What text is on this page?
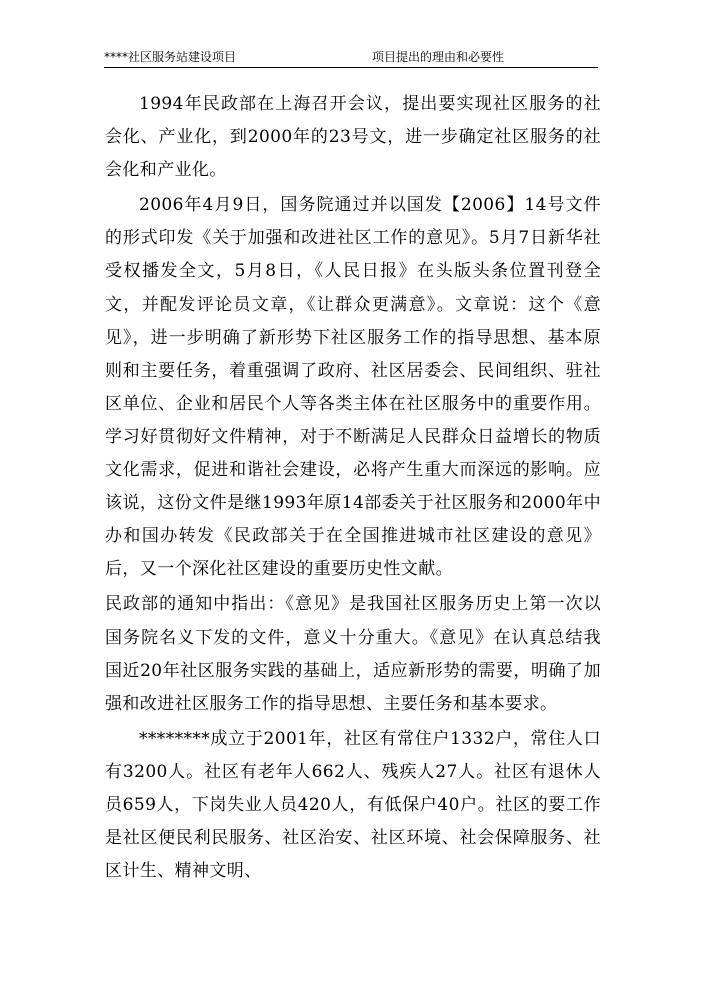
****社区服务站建设项目	项目提出的理由和必要性

1994年民政部在上海召开会议，提出要实现社区服务的社会化、产业化，到2000年的23号文，进一步确定社区服务的社会化和产业化。

2006年4月9日，国务院通过并以国发【2006】14号文件的形式印发《关于加强和改进社区工作的意见》。5月7日新华社受权播发全文，5月8日，《人民日报》在头版头条位置刊登全文，并配发评论员文章，《让群众更满意》。文章说：这个《意见》，进一步明确了新形势下社区服务工作的指导思想、基本原则和主要任务，着重强调了政府、社区居委会、民间组织、驻社区单位、企业和居民个人等各类主体在社区服务中的重要作用。学习好贯彻好文件精神，对于不断满足人民群众日益增长的物质文化需求，促进和谐社会建设，必将产生重大而深远的影响。应该说，这份文件是继1993年原14部委关于社区服务和2000年中办和国办转发《民政部关于在全国推进城市社区建设的意见》后，又一个深化社区建设的重要历史性文献。

民政部的通知中指出：《意见》是我国社区服务历史上第一次以国务院名义下发的文件，意义十分重大。《意见》在认真总结我国近20年社区服务实践的基础上，适应新形势的需要，明确了加强和改进社区服务工作的指导思想、主要任务和基本要求。

********成立于2001年，社区有常住户1332户，常住人口有3200人。社区有老年人662人、残疾人27人。社区有退休人员659人，下岗失业人员420人，有低保户40户。社区的要工作是社区便民利民服务、社区治安、社区环境、社会保障服务、社区计生、精神文明、
